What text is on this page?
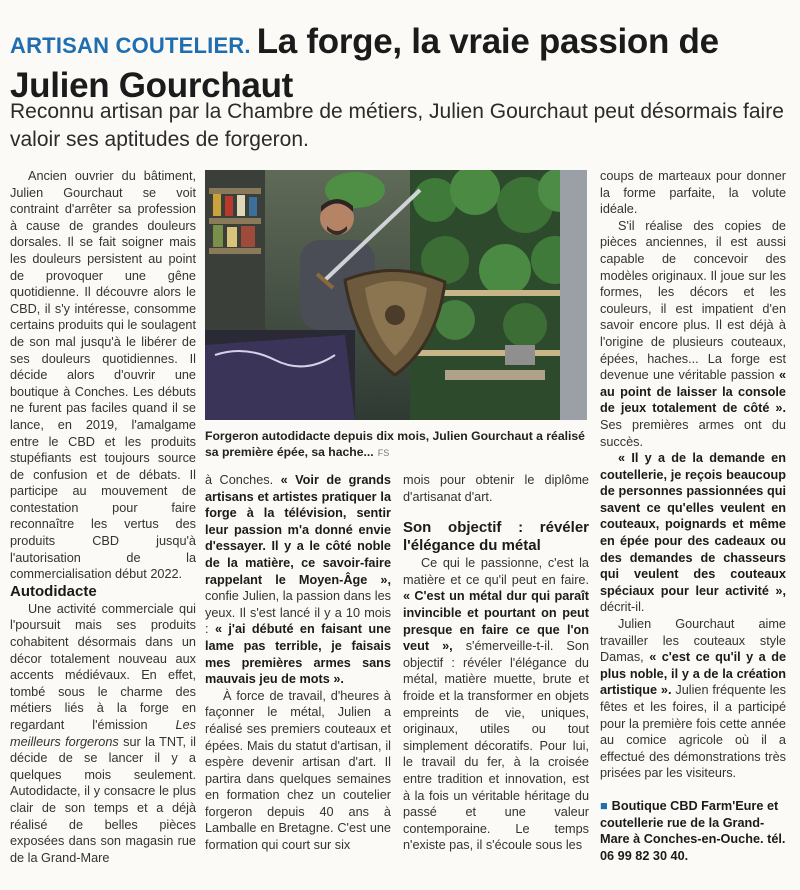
ARTISAN COUTELIER. La forge, la vraie passion de Julien Gourchaut
Reconnu artisan par la Chambre de métiers, Julien Gourchaut peut désormais faire valoir ses aptitudes de forgeron.

Ancien ouvrier du bâtiment, Julien Gourchaut se voit contraint d'arrêter sa profession à cause de grandes douleurs dorsales. Il se fait soigner mais les douleurs persistent au point de provoquer une gêne quotidienne. Il découvre alors le CBD, il s'y intéresse, consomme certains produits qui le soulagent de son mal jusqu'à le libérer de ses douleurs quotidiennes. Il décide alors d'ouvrir une boutique à Conches. Les débuts ne furent pas faciles quand il se lance, en 2019, l'amalgame entre le CBD et les produits stupéfiants est toujours source de confusion et de débats. Il participe au mouvement de contestation pour faire reconnaître les vertus des produits CBD jusqu'à l'autorisation de la commercialisation début 2022.

Autodidacte

Une activité commerciale qui l'poursuit mais ses produits cohabitent désormais dans un décor totalement nouveau aux accents médiévaux. En effet, tombé sous le charme des métiers liés à la forge en regardant l'émission Les meilleurs forgerons sur la TNT, il décide de se lancer il y a quelques mois seulement. Autodidacte, il y consacre le plus clair de son temps et a déjà réalisé de belles pièces exposées dans son magasin rue de la Grand-Mare

Forgeron autodidacte depuis dix mois, Julien Gourchaut a réalisé sa première épée, sa hache... FS

à Conches. « Voir de grands artisans et artistes pratiquer la forge à la télévision, sentir leur passion m'a donné envie d'essayer. Il y a le côté noble de la matière, ce savoir-faire rappelant le Moyen-Âge », confie Julien, la passion dans les yeux. Il s'est lancé il y a 10 mois : « j'ai débuté en faisant une lame pas terrible, je faisais mes premières armes sans mauvais jeu de mots ».

À force de travail, d'heures à façonner le métal, Julien a réalisé ses premiers couteaux et épées. Mais du statut d'artisan, il espère devenir artisan d'art. Il partira dans quelques semaines en formation chez un coutelier forgeron depuis 40 ans à Lamballe en Bretagne. C'est une formation qui court sur six

mois pour obtenir le diplôme d'artisanat d'art.

Son objectif : révéler l'élégance du métal

Ce qui le passionne, c'est la matière et ce qu'il peut en faire. « C'est un métal dur qui paraît invincible et pourtant on peut presque en faire ce que l'on veut », s'émerveille-t-il. Son objectif : révéler l'élégance du métal, matière muette, brute et froide et la transformer en objets empreints de vie, uniques, originaux, utiles ou tout simplement décoratifs. Pour lui, le travail du fer, à la croisée entre tradition et innovation, est à la fois un véritable héritage du passé et une valeur contemporaine. Le temps n'existe pas, il s'écoule sous les

coups de marteaux pour donner la forme parfaite, la volute idéale.

S'il réalise des copies de pièces anciennes, il est aussi capable de concevoir des modèles originaux. Il joue sur les formes, les décors et les couleurs, il est impatient d'en savoir encore plus. Il est déjà à l'origine de plusieurs couteaux, épées, haches... La forge est devenue une véritable passion « au point de laisser la console de jeux totalement de côté ». Ses premières armes ont du succès.

« Il y a de la demande en coutellerie, je reçois beaucoup de personnes passionnées qui savent ce qu'elles veulent en couteaux, poignards et même en épée pour des cadeaux ou des demandes de chasseurs qui veulent des couteaux spéciaux pour leur activité », décrit-il.

Julien Gourchaut aime travailler les couteaux style Damas, « c'est ce qu'il y a de plus noble, il y a de la création artistique ». Julien fréquente les fêtes et les foires, il a participé pour la première fois cette année au comice agricole où il a effectué des démonstrations très prisées par les visiteurs.

■ Boutique CBD Farm'Eure et coutellerie rue de la Grand-Mare à Conches-en-Ouche. tél. 06 99 82 30 40.
